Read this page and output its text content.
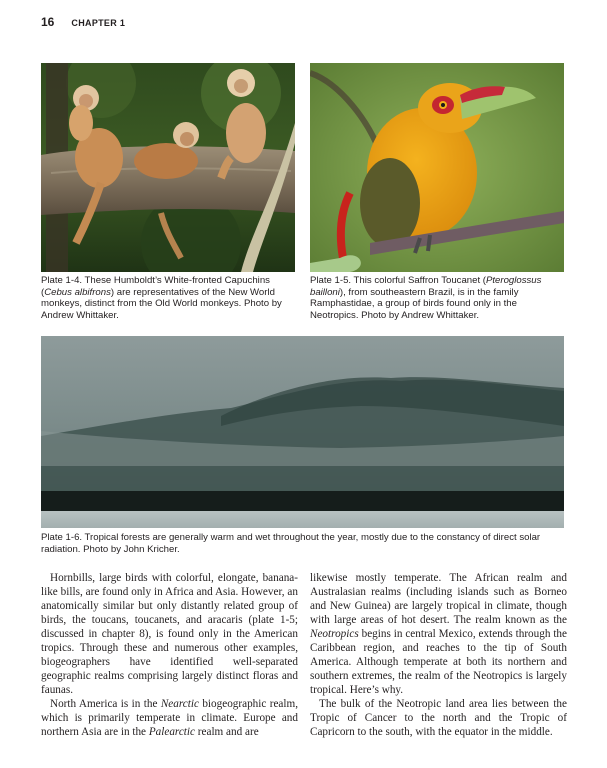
16 CHAPTER 1
Plate 1-4. These Humboldt’s White-fronted Capuchins (Cebus albifrons) are representatives of the New World monkeys, distinct from the Old World monkeys. Photo by Andrew Whittaker.
Plate 1-5. This colorful Saffron Toucanet (Pteroglossus bailloni), from southeastern Brazil, is in the family Ramphastidae, a group of birds found only in the Neotropics. Photo by Andrew Whittaker.
Plate 1-6. Tropical forests are generally warm and wet throughout the year, mostly due to the constancy of direct solar radiation. Photo by John Kricher.

Hornbills, large birds with colorful, elongate, banana-like bills, are found only in Africa and Asia. However, an anatomically similar but only distantly related group of birds, the toucans, toucanets, and aracaris (plate 1-5; discussed in chapter 8), is found only in the American tropics. Through these and numerous other examples, biogeographers have identified well-separated geographic realms comprising largely distinct floras and faunas.

North America is in the Nearctic biogeographic realm, which is primarily temperate in climate. Europe and northern Asia are in the Palearctic realm and are

likewise mostly temperate. The African realm and Australasian realms (including islands such as Borneo and New Guinea) are largely tropical in climate, though with large areas of hot desert. The realm known as the Neotropics begins in central Mexico, extends through the Caribbean region, and reaches to the tip of South America. Although temperate at both its northern and southern extremes, the realm of the Neotropics is largely tropical. Here’s why.

The bulk of the Neotropic land area lies between the Tropic of Cancer to the north and the Tropic of Capricorn to the south, with the equator in the middle.
